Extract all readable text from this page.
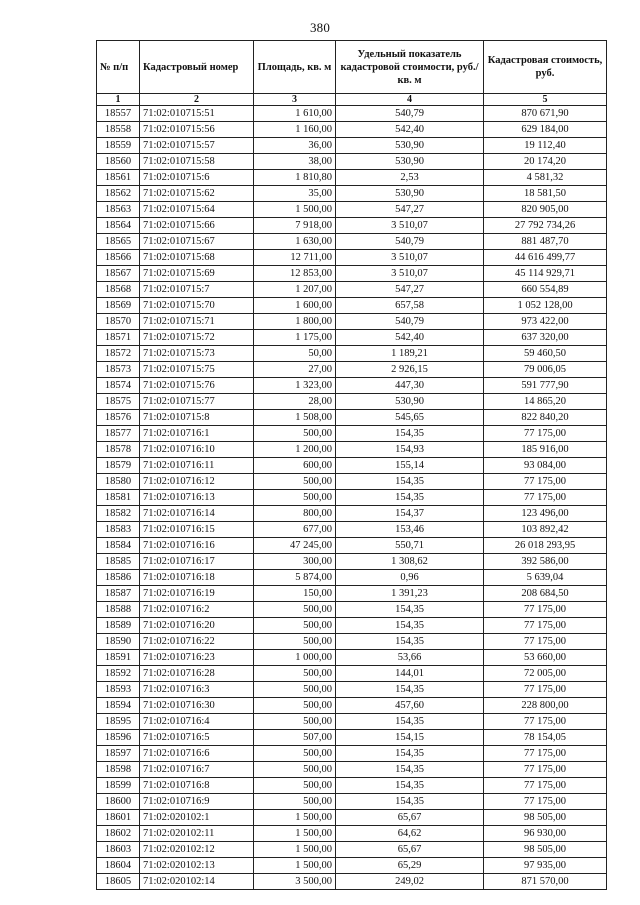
380
№ п/п	Кадастровый номер	Площадь, кв. м	Удельный показатель кадастровой стоимости, руб./кв. м	Кадастровая стоимость, руб.
1	2	3	4	5
18557	71:02:010715:51	1 610,00	540,79	870 671,90
18558	71:02:010715:56	1 160,00	542,40	629 184,00
18559	71:02:010715:57	36,00	530,90	19 112,40
18560	71:02:010715:58	38,00	530,90	20 174,20
18561	71:02:010715:6	1 810,80	2,53	4 581,32
18562	71:02:010715:62	35,00	530,90	18 581,50
18563	71:02:010715:64	1 500,00	547,27	820 905,00
18564	71:02:010715:66	7 918,00	3 510,07	27 792 734,26
18565	71:02:010715:67	1 630,00	540,79	881 487,70
18566	71:02:010715:68	12 711,00	3 510,07	44 616 499,77
18567	71:02:010715:69	12 853,00	3 510,07	45 114 929,71
18568	71:02:010715:7	1 207,00	547,27	660 554,89
18569	71:02:010715:70	1 600,00	657,58	1 052 128,00
18570	71:02:010715:71	1 800,00	540,79	973 422,00
18571	71:02:010715:72	1 175,00	542,40	637 320,00
18572	71:02:010715:73	50,00	1 189,21	59 460,50
18573	71:02:010715:75	27,00	2 926,15	79 006,05
18574	71:02:010715:76	1 323,00	447,30	591 777,90
18575	71:02:010715:77	28,00	530,90	14 865,20
18576	71:02:010715:8	1 508,00	545,65	822 840,20
18577	71:02:010716:1	500,00	154,35	77 175,00
18578	71:02:010716:10	1 200,00	154,93	185 916,00
18579	71:02:010716:11	600,00	155,14	93 084,00
18580	71:02:010716:12	500,00	154,35	77 175,00
18581	71:02:010716:13	500,00	154,35	77 175,00
18582	71:02:010716:14	800,00	154,37	123 496,00
18583	71:02:010716:15	677,00	153,46	103 892,42
18584	71:02:010716:16	47 245,00	550,71	26 018 293,95
18585	71:02:010716:17	300,00	1 308,62	392 586,00
18586	71:02:010716:18	5 874,00	0,96	5 639,04
18587	71:02:010716:19	150,00	1 391,23	208 684,50
18588	71:02:010716:2	500,00	154,35	77 175,00
18589	71:02:010716:20	500,00	154,35	77 175,00
18590	71:02:010716:22	500,00	154,35	77 175,00
18591	71:02:010716:23	1 000,00	53,66	53 660,00
18592	71:02:010716:28	500,00	144,01	72 005,00
18593	71:02:010716:3	500,00	154,35	77 175,00
18594	71:02:010716:30	500,00	457,60	228 800,00
18595	71:02:010716:4	500,00	154,35	77 175,00
18596	71:02:010716:5	507,00	154,15	78 154,05
18597	71:02:010716:6	500,00	154,35	77 175,00
18598	71:02:010716:7	500,00	154,35	77 175,00
18599	71:02:010716:8	500,00	154,35	77 175,00
18600	71:02:010716:9	500,00	154,35	77 175,00
18601	71:02:020102:1	1 500,00	65,67	98 505,00
18602	71:02:020102:11	1 500,00	64,62	96 930,00
18603	71:02:020102:12	1 500,00	65,67	98 505,00
18604	71:02:020102:13	1 500,00	65,29	97 935,00
18605	71:02:020102:14	3 500,00	249,02	871 570,00
